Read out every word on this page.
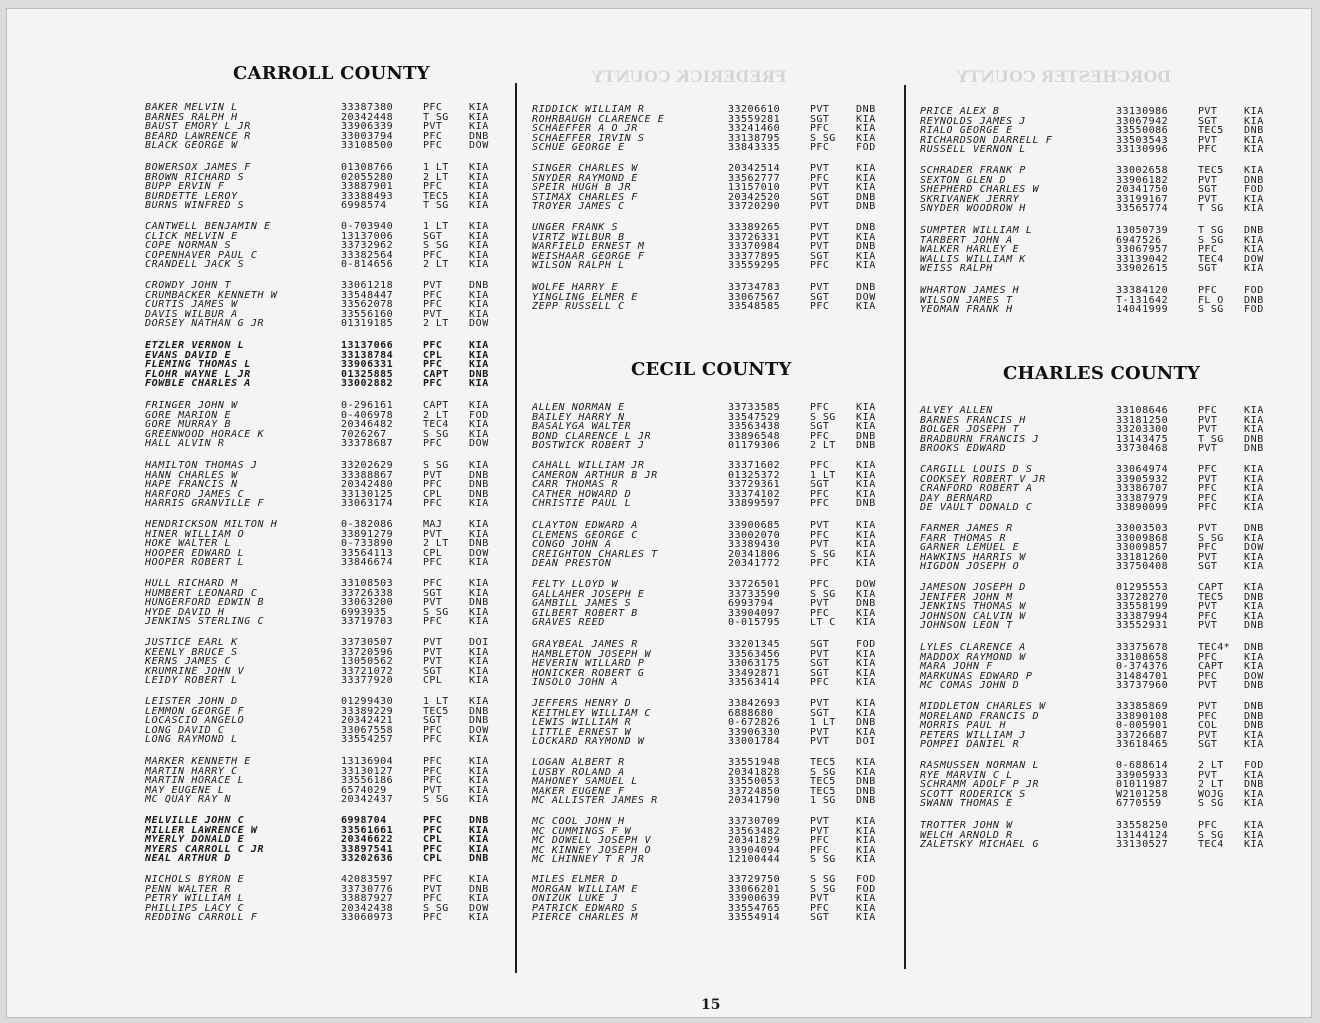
FREDERICK COUNTY	DORCHESTER COUNTY
CARROLL COUNTY
CECIL COUNTY	CHARLES COUNTY
BAKER MELVIN L	33387380	PFC	KIA
BARNES RALPH H	20342448	T SG KIA
BAUST EMORY L JR	33906339	PVT	KIA
BEARD LAWRENCE R	33003794	PFC	DNB
BLACK GEORGE W	33108500	PFC	DOW
BOWERSOX JAMES F	01308766	1 LT KIA
BROWN RICHARD S	02055280	2 LT KIA
BUPP ERVIN F	33887901	PFC	KIA
BURDETTE LEROY	33388493	TEC5 KIA
BURNS WINFRED S	6998574	T SG KIA
CANTWELL BENJAMIN E	0-703940	1 LT KIA
CLICK MELVIN E	13137006	SGT	KIA
COPE NORMAN S	33732962	S SG KIA
COPENHAVER PAUL C	33382564	PFC	KIA
CRANDELL JACK S	0-814656	2 LT KIA
CROWDY JOHN T	33061218	PVT	DNB
CRUMBACKER KENNETH W	33548447	PFC	KIA
CURTIS JAMES W	33562078	PFC	KIA
DAVIS WILBUR A	33556160	PVT	KIA
DORSEY NATHAN G JR	01319185	2 LT DOW
ETZLER VERNON L	13137066	PFC	KIA
EVANS DAVID E	33138784	CPL	KIA
FLEMING THOMAS L	33906331	PFC	KIA
FLOHR WAYNE L JR	01325885	CAPT DNB
FOWBLE CHARLES A	33002882	PFC	KIA
FRINGER JOHN W	0-296161	CAPT KIA
GORE MARION E	0-406978	2 LT FOD
GORE MURRAY B	20346482	TEC4 KIA
GREENWOOD HORACE K	7026267	S SG KIA
HALL ALVIN R	33378687	PFC	DOW
HAMILTON THOMAS J	33202629	S SG KIA
HANN CHARLES W	33388867	PVT	DNB
HAPE FRANCIS N	20342480	PFC	DNB
HARFORD JAMES C	33130125	CPL	DNB
HARRIS GRANVILLE F	33063174	PFC	KIA
HENDRICKSON MILTON H	0-382086	MAJ	KIA
HINER WILLIAM O	33891279	PVT	KIA
HOKE WALTER L	0-733890	2 LT DNB
HOOPER EDWARD L	33564113	CPL	DOW
HOOPER ROBERT L	33846674	PFC	KIA
HULL RICHARD M	33108503	PFC	KIA
HUMBERT LEONARD C	33726338	SGT	KIA
HUNGERFORD EDWIN B	33063200	PVT	DNB
HYDE DAVID H	6993935	S SG KIA
JENKINS STERLING C	33719703	PFC	KIA
JUSTICE EARL K	33730507	PVT	DOI
KEENLY BRUCE S	33720596	PVT	KIA
KERNS JAMES C	13050562	PVT	KIA
KRUMRINE JOHN V	33721072	SGT	KIA
LEIDY ROBERT L	33377920	CPL	KIA
LEISTER JOHN D	01299430	1 LT KIA
LEMMON GEORGE F	33389229	TEC5 DNB
LOCASCIO ANGELO	20342421	SGT	DNB
LONG DAVID C	33067558	PFC	DOW
LONG RAYMOND L	33554257	PFC	KIA
MARKER KENNETH E	13136904	PFC	KIA
MARTIN HARRY C	33130127	PFC	KIA
MARTIN HORACE L	33556186	PFC	KIA
MAY EUGENE L	6574029	PVT	KIA
MC QUAY RAY N	20342437	S SG KIA
MELVILLE JOHN C	6998704	PFC	DNB
MILLER LAWRENCE W	33561661	PFC	KIA
MYERLY DONALD E	20346622	CPL	KIA
MYERS CARROLL C JR	33897541	PFC	KIA
NEAL ARTHUR D	33202636	CPL	DNB
NICHOLS BYRON E	42083597	PFC	KIA
PENN WALTER R	33730776	PVT	DNB
PETRY WILLIAM L	33887927	PFC	KIA
PHILLIPS LACY C	20342438	S SG DOW
REDDING CARROLL F	33060973	PFC	KIA
RIDDICK WILLIAM R	33206610	PVT	DNB
ROHRBAUGH CLARENCE E	33559281	SGT	KIA
SCHAEFFER A O JR	33241460	PFC	KIA
SCHAEFFER IRVIN S	33138795	S SG KIA
SCHUE GEORGE E	33843335	PFC	FOD
SINGER CHARLES W	20342514	PVT	KIA
SNYDER RAYMOND E	33562777	PFC	KIA
SPEIR HUGH B JR	13157010	PVT	KIA
STIMAX CHARLES F	20342520	SGT	DNB
TROYER JAMES C	33720290	PVT	DNB
UNGER FRANK S	33389265	PVT	DNB
VIRTZ WILBUR B	33726331	PVT	KIA
WARFIELD ERNEST M	33370984	PVT	DNB
WEISHAAR GEORGE F	33377895	SGT	KIA
WILSON RALPH L	33559295	PFC	KIA
WOLFE HARRY E	33734783	PVT	DNB
YINGLING ELMER E	33067567	SGT	DOW
ZEPP RUSSELL C	33548585	PFC	KIA
ALLEN NORMAN E	33733585	PFC	KIA
BAILEY HARRY N	33547529	S SG KIA
BASALYGA WALTER	33563438	SGT	KIA
BOND CLARENCE L JR	33896548	PFC	DNB
BOSTWICK ROBERT J	01179306	2 LT DNB
CAHALL WILLIAM JR	33371602	PFC	KIA
CAMERON ARTHUR B JR	01325372	1 LT KIA
CARR THOMAS R	33729361	SGT	KIA
CATHER HOWARD D	33374102	PFC	KIA
CHRISTIE PAUL L	33899597	PFC	DNB
CLAYTON EDWARD A	33900685	PVT	KIA
CLEMENS GEORGE C	33002070	PFC	KIA
CONGO JOHN A	33389430	PVT	KIA
CREIGHTON CHARLES T	20341806	S SG KIA
DEAN PRESTON	20341772	PFC	KIA
FELTY LLOYD W	33726501	PFC	DOW
GALLAHER JOSEPH E	33733590	S SG KIA
GAMBILL JAMES S	6993794	PVT	DNB
GILBERT ROBERT B	33904097	PFC	KIA
GRAVES REED	0-015795	LT C KIA
GRAYBEAL JAMES R	33201345	SGT	FOD
HAMBLETON JOSEPH W	33563456	PVT	KIA
HEVERIN WILLARD P	33063175	SGT	KIA
HONICKER ROBERT G	33492871	SGT	KIA
INSOLO JOHN A	33563414	PFC	KIA
JEFFERS HENRY D	33842693	PVT	KIA
KEITHLEY WILLIAM C	6888680	SGT	KIA
LEWIS WILLIAM R	0-672826	1 LT DNB
LITTLE ERNEST W	33906330	PVT	KIA
LOCKARD RAYMOND W	33001784	PVT	DOI
LOGAN ALBERT R	33551948	TEC5 KIA
LUSBY ROLAND A	20341828	S SG KIA
MAHONEY SAMUEL L	33550053	TEC5 DNB
MAKER EUGENE F	33724850	TEC5 DNB
MC ALLISTER JAMES R	20341790	1 SG DNB
MC COOL JOHN H	33730709	PVT	KIA
MC CUMMINGS F W	33563482	PVT	KIA
MC DOWELL JOSEPH V	20341829	PFC	KIA
MC KINNEY JOSEPH O	33904094	PFC	KIA
MC LHINNEY T R JR	12100444	S SG KIA
MILES ELMER D	33729750	S SG FOD
MORGAN WILLIAM E	33066201	S SG FOD
ONIZUK LUKE J	33900639	PVT	KIA
PATRICK EDWARD S	33554765	PFC	KIA
PIERCE CHARLES M	33554914	SGT	KIA
PRICE ALEX B	33130986	PVT	KIA
REYNOLDS JAMES J	33067942	SGT	KIA
RIALO GEORGE E	33550086	TEC5 DNB
RICHARDSON DARRELL F	33503543	PVT	KIA
RUSSELL VERNON L	33130996	PFC	KIA
SCHRADER FRANK P	33002658	TEC5 KIA
SEXTON GLEN D	33906182	PVT	DNB
SHEPHERD CHARLES W	20341750	SGT	FOD
SKRIVANEK JERRY	33199167	PVT	KIA
SNYDER WOODROW H	33565774	T SG KIA
SUMPTER WILLIAM L	13050739	T SG DNB
TARBERT JOHN A	6947526	S SG KIA
WALKER HARLEY E	33067957	PFC	KIA
WALLIS WILLIAM K	33139042	TEC4 DOW
WEISS RALPH	33902615	SGT	KIA
WHARTON JAMES H	33384120	PFC	FOD
WILSON JAMES T	T-131642	FL O DNB
YEOMAN FRANK H	14041999	S SG FOD
ALVEY ALLEN	33108646	PFC	KIA
BARNES FRANCIS H	33181250	PVT	KIA
BOLGER JOSEPH T	33203300	PVT	KIA
BRADBURN FRANCIS J	13143475	T SG DNB
BROOKS EDWARD	33730468	PVT	DNB
CARGILL LOUIS D S	33064974	PFC	KIA
COOKSEY ROBERT V JR	33905932	PVT	KIA
CRANFORD ROBERT A	33386707	PFC	KIA
DAY BERNARD	33387979	PFC	KIA
DE VAULT DONALD C	33890099	PFC	KIA
FARMER JAMES R	33003503	PVT	DNB
FARR THOMAS R	33009868	S SG KIA
GARNER LEMUEL E	33009857	PFC	DOW
HAWKINS HARRIS W	33181260	PVT	KIA
HIGDON JOSEPH O	33750408	SGT	KIA
JAMESON JOSEPH D	01295553	CAPT KIA
JENIFER JOHN M	33728270	TEC5 DNB
JENKINS THOMAS W	33558199	PVT	KIA
JOHNSON CALVIN W	33387994	PFC	KIA
JOHNSON LEON T	33552931	PVT	DNB
LYLES CLARENCE A	33375678	TEC4* DNB
MADDOX RAYMOND W	33108658	PFC	KIA
MARA JOHN F	0-374376	CAPT KIA
MARKUNAS EDWARD P	31484701	PFC	DOW
MC COMAS JOHN D	33737960	PVT	DNB
MIDDLETON CHARLES W	33385869	PVT	DNB
MORELAND FRANCIS D	33890108	PFC	DNB
MORRIS PAUL H	0-005901	COL	DNB
PETERS WILLIAM J	33726687	PVT	KIA
POMPEI DANIEL R	33618465	SGT	KIA
RASMUSSEN NORMAN L	0-688614	2 LT FOD
RYE MARVIN C L	33905933	PVT	KIA
SCHRAMM ADOLF P JR	01011987	2 LT DNB
SCOTT RODERICK S	W2101258	WOJG KIA
SWANN THOMAS E	6770559	S SG KIA
TROTTER JOHN W	33558250	PFC	KIA
WELCH ARNOLD R	13144124	S SG KIA
ZALETSKY MICHAEL G	33130527	TEC4 KIA
15
